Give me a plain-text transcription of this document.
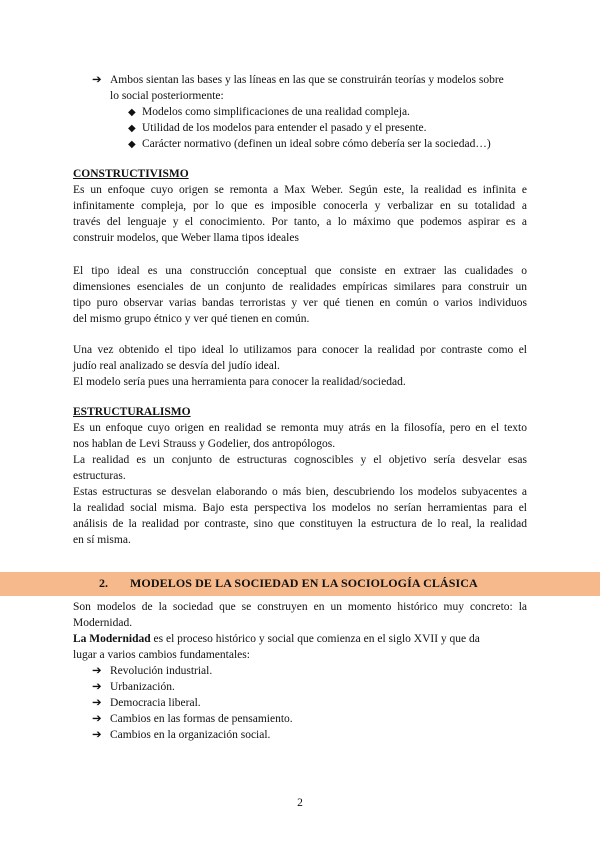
➔ Ambos sientan las bases y las líneas en las que se construirán teorías y modelos sobre
lo social posteriormente:
◆ Modelos como simplificaciones de una realidad compleja.
◆ Utilidad de los modelos para entender el pasado y el presente.
◆ Carácter normativo (definen un ideal sobre cómo debería ser la sociedad…)
CONSTRUCTIVISMO
Es un enfoque cuyo origen se remonta a Max Weber. Según este, la realidad es infinita e
infinitamente compleja, por lo que es imposible conocerla y verbalizar en su totalidad a
través del lenguaje y el conocimiento. Por tanto, a lo máximo que podemos aspirar es a
construir modelos, que Weber llama tipos ideales
El tipo ideal es una construcción conceptual que consiste en extraer las cualidades o
dimensiones esenciales de un conjunto de realidades empíricas similares para construir un
tipo puro observar varias bandas terroristas y ver qué tienen en común o varios individuos
del mismo grupo étnico y ver qué tienen en común.
Una vez obtenido el tipo ideal lo utilizamos para conocer la realidad por contraste como el
judío real analizado se desvía del judío ideal.
El modelo sería pues una herramienta para conocer la realidad/sociedad.
ESTRUCTURALISMO
Es un enfoque cuyo origen en realidad se remonta muy atrás en la filosofía, pero en el texto
nos hablan de Levi Strauss y Godelier, dos antropólogos.
La realidad es un conjunto de estructuras cognoscibles y el objetivo sería desvelar esas
estructuras.
Estas estructuras se desvelan elaborando o más bien, descubriendo los modelos subyacentes a
la realidad social misma. Bajo esta perspectiva los modelos no serían herramientas para el
análisis de la realidad por contraste, sino que constituyen la estructura de lo real, la realidad
en sí misma.
2. MODELOS DE LA SOCIEDAD EN LA SOCIOLOGÍA CLÁSICA
Son modelos de la sociedad que se construyen en un momento histórico muy concreto: la
Modernidad.
La Modernidad es el proceso histórico y social que comienza en el siglo XVII y que da
lugar a varios cambios fundamentales:
➔ Revolución industrial.
➔ Urbanización.
➔ Democracia liberal.
➔ Cambios en las formas de pensamiento.
➔ Cambios en la organización social.
2
